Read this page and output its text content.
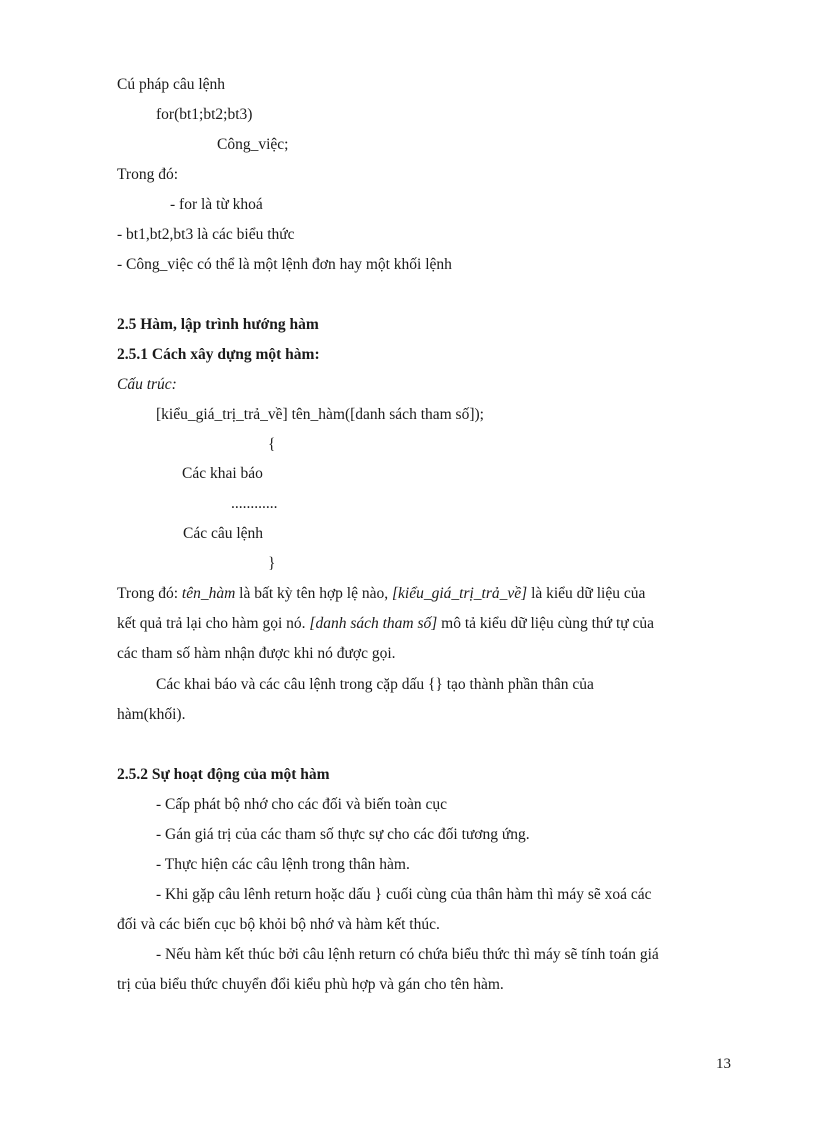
Cú pháp câu lệnh
for(bt1;bt2;bt3)
Công_việc;
Trong đó:
- for là từ khoá
- bt1,bt2,bt3 là các biểu thức
- Công_việc có thể là một lệnh đơn hay một khối lệnh
2.5 Hàm, lập trình hướng hàm
2.5.1 Cách xây dựng một hàm:
Cấu trúc:
[kiểu_giá_trị_trả_về] tên_hàm([danh sách tham số]);
{
Các khai báo
............
Các câu lệnh
}
Trong đó: tên_hàm là bất kỳ tên hợp lệ nào, [kiểu_giá_trị_trả_về] là kiểu dữ liệu của
kết quả trả lại cho hàm gọi nó. [danh sách tham số] mô tả kiểu dữ liệu cùng thứ tự của
các tham số hàm nhận được khi nó được gọi.
Các khai báo và các câu lệnh trong cặp dấu {} tạo thành phần thân của
hàm(khối).
2.5.2 Sự hoạt động của một hàm
- Cấp phát bộ nhớ cho các đối và biến toàn cục
- Gán giá trị của các tham số thực sự cho các đối tương ứng.
- Thực hiện các câu lệnh trong thân hàm.
- Khi gặp câu lênh return hoặc dấu } cuối cùng của thân hàm thì máy sẽ xoá các
đối và các biến cục bộ khỏi bộ nhớ và hàm kết thúc.
- Nếu hàm kết thúc bởi câu lệnh return có chứa biểu thức thì máy sẽ tính toán giá
trị của biểu thức chuyển đổi kiểu phù hợp và gán cho tên hàm.
13
